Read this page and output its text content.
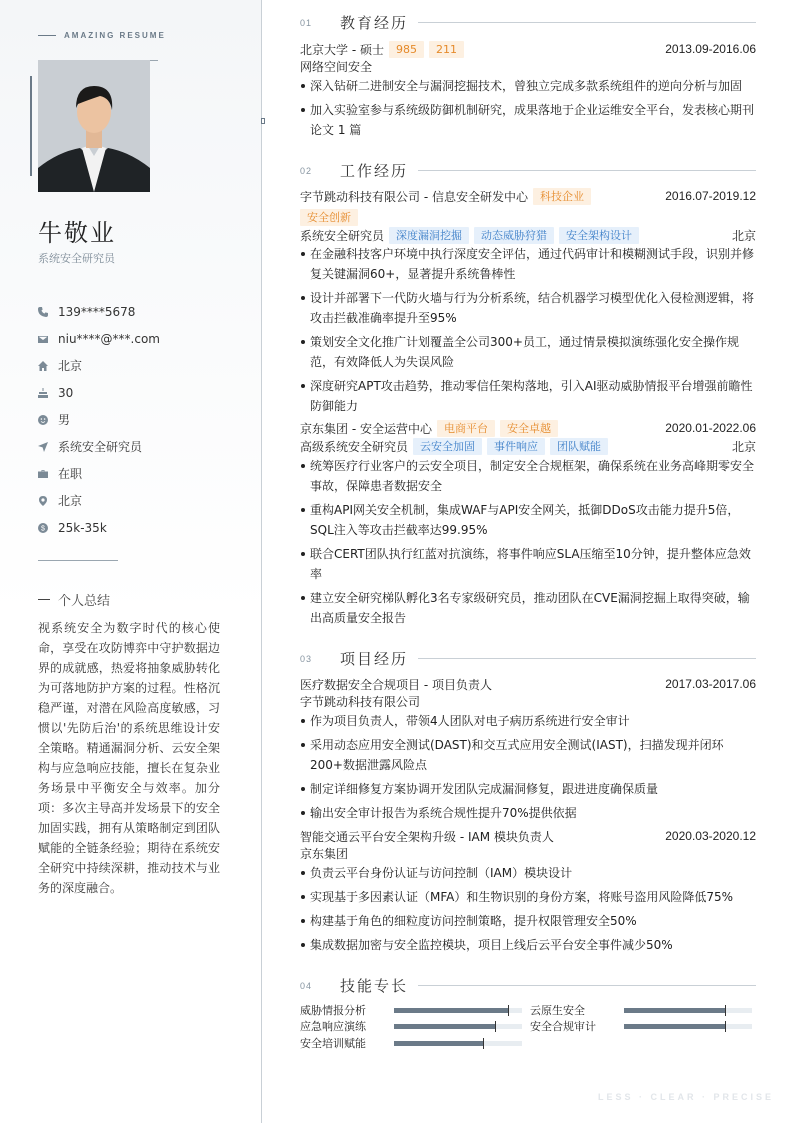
AMAZING RESUME
牛敬业
系统安全研究员
139****5678
niu****@***.com
北京
30
男
系统安全研究员
在职
北京
$ 25k-35k
个人总结
视系统安全为数字时代的核心使命，享受在攻防博弈中守护数据边界的成就感，热爱将抽象威胁转化为可落地防护方案的过程。性格沉稳严谨，对潜在风险高度敏感，习惯以'先防后治'的系统思维设计安全策略。精通漏洞分析、云安全架构与应急响应技能，擅长在复杂业务场景中平衡安全与效率。加分项：多次主导高并发场景下的安全加固实践，拥有从策略制定到团队赋能的全链条经验；期待在系统安全研究中持续深耕，推动技术与业务的深度融合。
01	教育经历
北京大学 - 硕士	985	211	2013.09-2016.06
网络空间安全
深入钻研二进制安全与漏洞挖掘技术，曾独立完成多款系统组件的逆向分析与加固
加入实验室参与系统级防御机制研究，成果落地于企业运维安全平台，发表核心期刊论文 1 篇
02	工作经历
字节跳动科技有限公司 - 信息安全研发中心	科技企业	2016.07-2019.12
安全创新
系统安全研究员	深度漏洞挖掘	动态威胁狩猎	安全架构设计	北京
在金融科技客户环境中执行深度安全评估，通过代码审计和模糊测试手段，识别并修复关键漏洞60+，显著提升系统鲁棒性
设计并部署下一代防火墙与行为分析系统，结合机器学习模型优化入侵检测逻辑，将攻击拦截准确率提升至95%
策划安全文化推广计划覆盖全公司300+员工，通过情景模拟演练强化安全操作规范，有效降低人为失误风险
深度研究APT攻击趋势，推动零信任架构落地，引入AI驱动威胁情报平台增强前瞻性防御能力
京东集团 - 安全运营中心	电商平台	安全卓越	2020.01-2022.06
高级系统安全研究员	云安全加固	事件响应	团队赋能	北京
统筹医疗行业客户的云安全项目，制定安全合规框架，确保系统在业务高峰期零安全事故，保障患者数据安全
重构API网关安全机制，集成WAF与API安全网关，抵御DDoS攻击能力提升5倍，SQL注入等攻击拦截率达99.95%
联合CERT团队执行红蓝对抗演练，将事件响应SLA压缩至10分钟，提升整体应急效率
建立安全研究梯队孵化3名专家级研究员，推动团队在CVE漏洞挖掘上取得突破，输出高质量安全报告
03	项目经历
医疗数据安全合规项目 - 项目负责人	2017.03-2017.06
字节跳动科技有限公司
作为项目负责人，带领4人团队对电子病历系统进行安全审计
采用动态应用安全测试(DAST)和交互式应用安全测试(IAST)，扫描发现并闭环200+数据泄露风险点
制定详细修复方案协调开发团队完成漏洞修复，跟进进度确保质量
输出安全审计报告为系统合规性提升70%提供依据
智能交通云平台安全架构升级 - IAM 模块负责人	2020.03-2020.12
京东集团
负责云平台身份认证与访问控制（IAM）模块设计
实现基于多因素认证（MFA）和生物识别的身份方案，将账号盗用风险降低75%
构建基于角色的细粒度访问控制策略，提升权限管理安全50%
集成数据加密与安全监控模块，项目上线后云平台安全事件减少50%
04	技能专长
威胁情报分析	云原生安全
应急响应演练	安全合规审计
安全培训赋能
LESS · CLEAR · PRECISE
